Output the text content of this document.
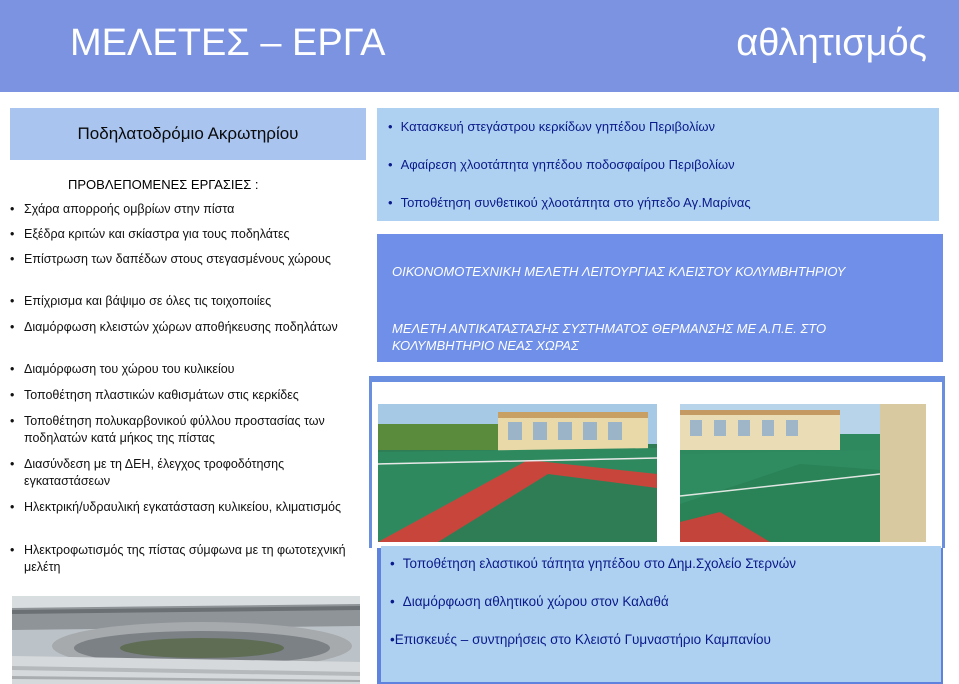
ΜΕΛΕΤΕΣ – ΕΡΓΑ	αθλητισμός
Ποδηλατοδρόμιο Ακρωτηρίου
ΠΡΟΒΛΕΠΟΜΕΝΕΣ ΕΡΓΑΣΙΕΣ :
• Σχάρα απορροής ομβρίων στην πίστα
• Εξέδρα κριτών και σκίαστρα για τους ποδηλάτες
• Επίστρωση των δαπέδων στους στεγασμένους χώρους
• Επίχρισμα και βάψιμο σε όλες τις τοιχοποιίες
• Διαμόρφωση κλειστών χώρων αποθήκευσης ποδηλάτων
• Διαμόρφωση του χώρου του κυλικείου
• Τοποθέτηση πλαστικών καθισμάτων στις κερκίδες
• Τοποθέτηση πολυκαρβονικού φύλλου προστασίας των ποδηλατών κατά μήκος της πίστας
• Διασύνδεση με τη ΔΕΗ, έλεγχος τροφοδότησης εγκαταστάσεων
• Ηλεκτρική/υδραυλική εγκατάσταση κυλικείου, κλιματισμός
• Ηλεκτροφωτισμός της πίστας σύμφωνα με τη φωτοτεχνική μελέτη
• Κατασκευή στεγάστρου κερκίδων γηπέδου Περιβολίων
• Αφαίρεση χλοοτάπητα γηπέδου ποδοσφαίρου Περιβολίων
• Τοποθέτηση συνθετικού χλοοτάπητα στο γήπεδο Αγ.Μαρίνας
ΟΙΚΟΝΟΜΟΤΕΧΝΙΚΗ ΜΕΛΕΤΗ ΛΕΙΤΟΥΡΓΙΑΣ ΚΛΕΙΣΤΟΥ ΚΟΛΥΜΒΗΤΗΡΙΟΥ
ΜΕΛΕΤΗ ΑΝΤΙΚΑΤΑΣΤΑΣΗΣ ΣΥΣΤΗΜΑΤΟΣ ΘΕΡΜΑΝΣΗΣ ΜΕ Α.Π.Ε. ΣΤΟ ΚΟΛΥΜΒΗΤΗΡΙΟ ΝΕΑΣ ΧΩΡΑΣ
• Τοποθέτηση ελαστικού τάπητα γηπέδου στο Δημ.Σχολείο Στερνών
• Διαμόρφωση αθλητικού χώρου στον Καλαθά
•Επισκευές – συντηρήσεις στο Κλειστό Γυμναστήριο Καμπανίου
